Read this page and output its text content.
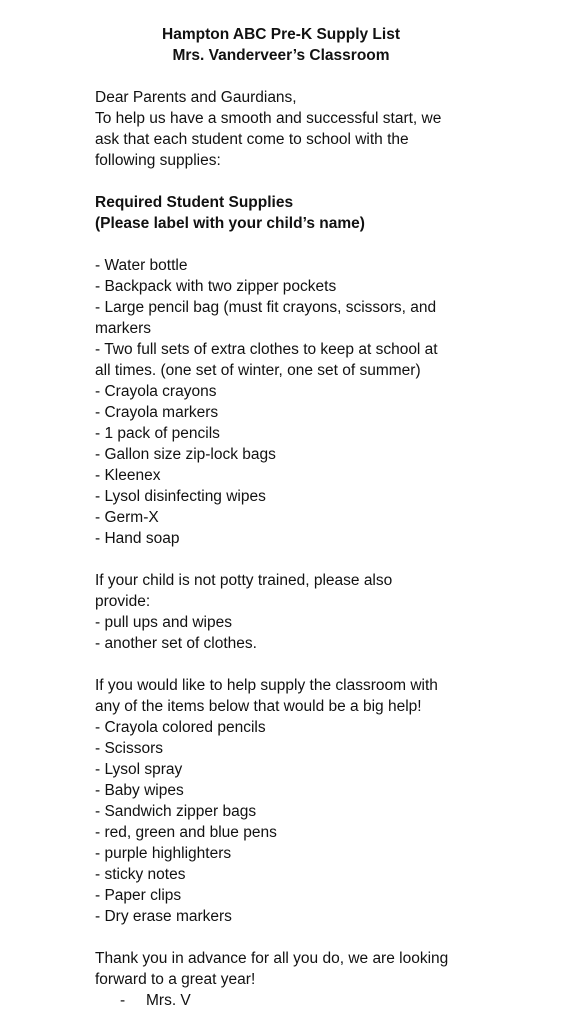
Hampton ABC Pre-K Supply List
Mrs. Vanderveer’s Classroom
Dear Parents and Gaurdians,
To help us have a smooth and successful start, we
ask that each student come to school with the
following supplies:
Required Student Supplies
(Please label with your child’s name)
- Water bottle
- Backpack with two zipper pockets
- Large pencil bag (must fit crayons, scissors, and
markers
- Two full sets of extra clothes to keep at school at
all times. (one set of winter, one set of summer)
- Crayola crayons
- Crayola markers
- 1 pack of pencils
- Gallon size zip-lock bags
- Kleenex
- Lysol disinfecting wipes
- Germ-X
- Hand soap
If your child is not potty trained, please also
provide:
- pull ups and wipes
- another set of clothes.
If you would like to help supply the classroom with
any of the items below that would be a big help!
- Crayola colored pencils
- Scissors
- Lysol spray
- Baby wipes
- Sandwich zipper bags
- red, green and blue pens
- purple highlighters
- sticky notes
- Paper clips
- Dry erase markers
Thank you in advance for all you do, we are looking
forward to a great year!
- Mrs. V
